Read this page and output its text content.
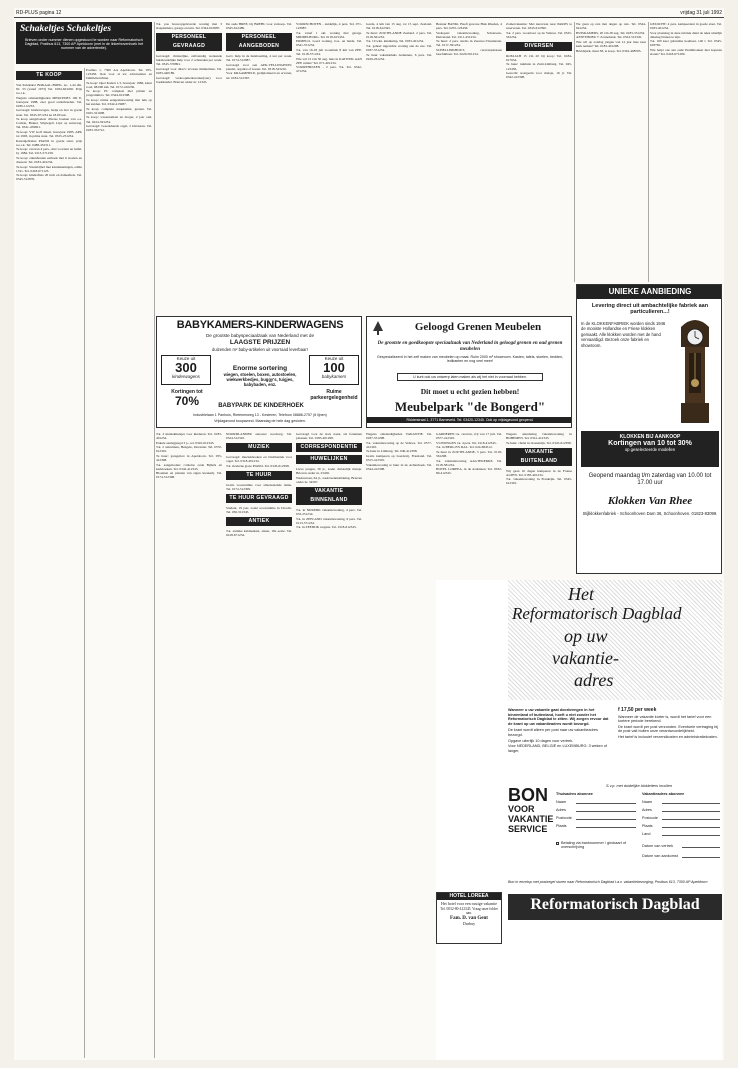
RD-PLUS pagina 12	vrijdag 31 juli 1992
Schakeltjes Schakeltjes
Brieven onder nummer dienen opgestuurd te worden naar Reformatorisch Dagblad, Postbus 613, 7300 AP Apeldoorn (met in de linkerbovenhoek het nummer van de advertentie).
TE KOOP

Van Kriekskot BOKAAL-BOEK, no. 1-44 dln. Nr. 33 (vanaf 1973) Tel. 0184-623456. Prijs n.o.t.k.

Wegens omstandigheden MERCEDES 190 E, bouwjaar 1988, zeer goed onderhouden. Tel. 0180-112233.

Gevraagd: kinderwagen, bedje en box in goede staat. Tel. 0345-671234 na 18.00 uur.

Te koop aangeboden: diverse boeken van o.a. Comrie, Brakel, Smytegelt. Lijst op aanvraag. Tel. 0341-459821.

Te koop: VW Golf diesel, bouwjaar 1985, APK tot 1993, in prima staat. Tel. 0525-231234.

Kastanjebruine PIANO in goede staat, prijs n.o.t.k. Tel. 0488-452311.

Te koop: caravan 4 pers., met voortent en luifel, bj. 1984. Tel. 0113-571239.

Te koop: eikenhouten eethoek met 6 stoelen en dressoir. Tel. 0183-401234.

Te koop: Staatsbijbel met kanttekeningen, editie 1741. Tel. 0418-671123.

Te koop: kinderfiets 20 inch en damesfiets. Tel. 0345-512876.

Postbus 1, 7300 AA Apeldoorn. Tel. 055-123456. Ook voor al uw advertenties en familieberichten.

Te koop: Opel Kadett 1.3, bouwjaar 1986, kleur rood, 98.000 km. Tel. 0172-410236.

Te koop: PC compleet met printer en programma's. Tel. 0344-612398.

Te koop: ruime eengezinswoning met tuin op het zuiden. Tel. 0342-415987.

Te koop: complete slaapkamer, grenen. Tel. 0165-321908.

Te koop: wasautomaat en droger, 2 jaar oud. Tel. 0224-591234.

Gevraagd: tweedehands orgel, 2 klavieren. Tel. 0183-352741.

T.k. pas bouwopgeleverde woning met 3 slaapkamers, garage en tuin. Tel. 0344-610987.

PERSONEEL GEVRAAGD

Gevraagd: christelijke, zelfstandig werkende huishoudelijke hulp voor 2 ochtenden per week. Tel. 0345-576891.

Gevraagd voor direct: ervaren timmerman. Tel. 0183-440189.

Gevraagd: verkoopmedewerker(ster) voor boekhandel. Brieven onder nr. 12345.

De oude BREE, bij BREHL voor verkoop. Tel. 0345-612489.

PERSONEEL AANGEBODEN

Gevr. hulp in de huishouding, 4 uur per week. Tel. 0174-512987.

Gevraagd voor een APK-VELLINGHUIS: pianist, organist of koster. Tel. 0318-543210.

Voor KRAAMHULP, gediplomeerd en ervaren, tel. 0184-512367.

VOORSCHOTEN - zuidelijk, 4 pers. Tel. 071-123987.

T.k. vanaf 1 okt. woning met garage. MIDDELBURG. Tel. 0118-615432.

ERMELO. Goed woning, bos- en heide. Tel. 0341-551234.

T.k. van 16-18 juli woonhuis 8 km van ZEE. Tel. 0118-571234.

Wie wil 15 t/m 30 aug. huis in KATWIJK AAN ZEE ruilen? Tel. 071-401234.

VOORTHUIZEN - 2 pers. T.k. Tel. 0342-471234.

Garde, 4 km van 15 aug. tot 15 sept. Zeeland. Tel. 0118-612345.

Te huur: ZOUTELANDE Zeeland. 2 pers. Tel. 0118-561234.

T.k. 10 wkn. kindkamp. Tel. 0183-401234.

T.k. geheel ingerichte woning aan de zee. Tel. 0187-551234.

Te huur vakantiehuis Ardennen, 6 pers. Tel. 0229-261234.

Bestuur BANKl, Heeft gewone Huis Rheden, 4 pers. Tel. 0255-123456.

Verkopen: vakantiewoning, Schouwen-Duiveland. Tel. 0111-451234.

Te huur: 2 pers. studio in Zeeuws-Vlaanderen. Tel. 0117-391234.

SCHELLINKHOUT, caravanplaatsen beschikbaar. Tel. 0229-501234.

Zomervakantie: Met karavaan naar PARIJS te reserveren. Tel. 0345-612390.

T.k. 2 pers. woonboot op de Veluwe. Tel. 0525-561234.

DIVERSEN

ROM-JAH 15 t/m 20 bij koop: Tel. 0184-617634.

Te huur: tuinhuis in Zuid-Limburg. Tel. 045-123456.

Gezocht: kostgezin voor meisje, 16 jr. Tel. 0342-412398.

We gaan op reis met degen op reis. Tel. 0344-641234.

HUISKAMERS, 20 t/m 28 aug. Tel. 0183-351234.

AFZETHOEK 7: Zonnebank. Tel. 0524-512345.

Wie wil op zondag jongen van 12 jaar mee naar kerk nemen? Tel. 0183-401298.

Bruidsjurk, maat 38, te koop. Tel. 0342-498765.

GEZOCHT: 4 pers. kampeertent in goede staat. Tel. 0183-401234.

Voor plaatsing in deze rubriek dient de tekst uiterlijk dinsdag binnen te zijn.

T.k. 100 keer gebruikte koelkast, 140 l. Tel. 0345-618765.

Wie helpt ons aan oude Psalmboeken met koperen sloten? Tel. 0418-671209.

BABYKAMERS-KINDERWAGENS
De grootste babyspeciaalzaak van Nederland met de
LAAGSTE PRIJZEN
duizenden m² baby-artikelen uit voorraad leverbaar!
Keuze uit
300
kinderwagens
Keuze uit
100
babykamers
Enorme sortering
wiegen, stoelen, boxen, autostoelen, wiekwerkbedjes, buggy's, tuigjes, babybaden, enz.
Kortingen tot
70%
Ruime parkeergelegenheid
BABYPARK DE KINDERHOEK
Industrielaan 1 Panhuis, Rietenenweg 13 - Kesteren, Telefoon 08886-2757 (6 lijnen)
Vrijdagavond koopavond. Maandag de hele dag gesloten.
Geloogd Grenen Meubelen
De grootste en goedkoopste speciaalzaak van Nederland in geloogd grenen en oud grenen meubelen
Gespecialiseerd in het zelf maken van meubelen op maat. Ruim 2000 m² showroom. Kasten, tafels, stoelen, bedden, ledikanten en nog veel meer!
U kunt ook uw ontwerp laten maken als wij het niet in voorraad hebben.
Dit moet u echt gezien hebben!
Meubelpark "de Bongerd"
Ridderstraat 1, 3771 Barneveld. Tel. 03420-12345. Ook op vrijdagavond geopend.

T.k. 2 muziekhuisjes voor kinderen. Tel. 0183-401234.

Enkele aanlegjeugd 3 p., tel. 0345-612345.

T.k. 2 ontruimen, Hengelo, Deventer. Tel. 0570-612345.

Te huur: garagebox in Apeldoorn. Tel. 055-412398.

T.k. aangeboden: collectie oude Bijbels en kerkboeken. Tel. 0342-412345.

Bloemen en planten van eigen kwekerij. Tel. 0174-512398.

NOORDLANDER autozeer noodweg. Tel. 0524-512345.

MUZIEK

Gevraagd: muziekboeken en bladmuziek voor orgel. Tel. 0318-401234.

T.k. moderne grote PIANO. Tel. 0345-612398.

TE HUUR

Gratis woonruimte voor alleenstaande dame. Tel. 0174-512309.

TE HUUR GEVRAAGD

Student, 19 jaar, zoekt woonruimte in Utrecht. Tel. 030-512345.

ANTIEK

T.k. antieke kabinetkast, eiken, 18e eeuw. Tel. 0418-671234.

Gevraagd voor de stad, naast, als fonteinen plaatsen. Tel. 0183-401298.

CORRESPONDENTIE
HUWELIJKEN

Lieve jongen, 30 jr., zoekt christelijk meisje. Brieven onder nr. 23456.

Weduwnaar, 64 jr., zoekt kennismaking. Brieven onder nr. 34567.

VAKANTIE BINNENLAND

T.k. in NIJKERK vakantiewoning, 4 pers. Tel. 033-251234.

T.k. in ZEELAND vakantiewoning, 6 pers. Tel. 0113-571234.

T.k. in ZEEDIJK wegens. Tel. 0118-612345.

Wegens omstandigheden VAKANTIE. Tel. 0187-551298.

T.k. vakantiewoning op de Veluwe. Tel. 0577-412345.

Te huur in Limburg. Tel. 046-412398.

Gratis kamperen op boerderij, Friesland. Tel. 0515-412345.

Vakantiewoning te huur in de Achterhoek. Tel. 0544-412398.

GARDEREN t.k. caravan, vrij van 17 juli. Tel. 0577-412345.

VLISSINGEN t.k. 4 pers. Tel. 0118-412345.

T.k. in BERG EN DAL. Tel. 024-684512.

Te huur in ZOUTELANDE, 5 pers. Tel. 0118-561298.

T.k. vakantiewoning AAGTEKERKE. Tel. 0118-581234.

HOTEL LOREEA, in de Ardennen. Tel. 0032-80-412345.

Wegens annulering vakantiewoning in BOHEMEN. Tel. 0341-412345.

Te huur: chalet in Oostenrijk. Tel. 0345-612398.

VAKANTIE BUITENLAND

Wij gaan 16 dagen kamperen in de Franse ALPEN. Tel. 0183-401234.

T.k. vakantiewoning in Frankrijk. Tel. 0345-612345.

UNIEKE AANBIEDING
Levering direct uit ambachtelijke fabriek aan particulieren...!
In de KLOKKENFABRIEK worden sinds 1946 de mooiste Hollandse en Friese klokken gemaakt. Alle klokken worden met de hand vervaardigd. Bezoek onze fabriek en showroom.
KLOKKEN BIJ AANKOOP
Kortingen van 10 tot 30%
op geselecteerde modellen
Geopend maandag t/m zaterdag van 10.00 tot 17.00 uur
Klokken Van Rhee
Stijlklokkenfabriek - Schoonhoven Dam 36, Schoonhoven. 01823-83099.
Het
Reformatorisch Dagblad
op uw
vakantie-
adres

Wanneer u uw vakantie gaat doorbrengen in het binnenland of buitenland, hoeft u niet zonder het Reformatorisch Dagblad te zitten. Wij zorgen ervoor dat de krant op uw vakantieadres wordt bezorgd.

De krant wordt alleen per post naar uw vakantieadres bezorgd.

Opgave uiterlijk 10 dagen voor vertrek.

Voor NEDERLAND, BELGIË en LUXEMBURG: 3 weken of langer.

f 17,50 per week

Wanneer de vakantie korter is, wordt het tarief voor een kortere periode berekend.

De krant wordt per post verzonden. Eventuele vertraging bij de post valt buiten onze verantwoordelijkheid.

Het tarief is inclusief verzendkosten en administratiekosten.

BON
VOOR
VAKANTIE
SERVICE
S.v.p. met duidelijke blokletters invullen
Thuisadres abonnee
Naam
Adres
Postcode
Plaats
Vakantieadres abonnee
Naam
Adres
Postcode
Plaats
Land
Betaling via banknummer / girokaart of overschrijving	Datum van vertrek
Datum van aankomst
Bon in envelop met postzegel sturen naar Reformatorisch Dagblad t.a.v. vakantiebezorging, Postbus 613, 7300 AP Apeldoorn
HOTEL LOREEA
Het hotel voor een rustige vakantie
Tel. 0032-80-412345. Vraag onze folder aan.
Fam. D. van Gent
Durbuy
Reformatorisch Dagblad
